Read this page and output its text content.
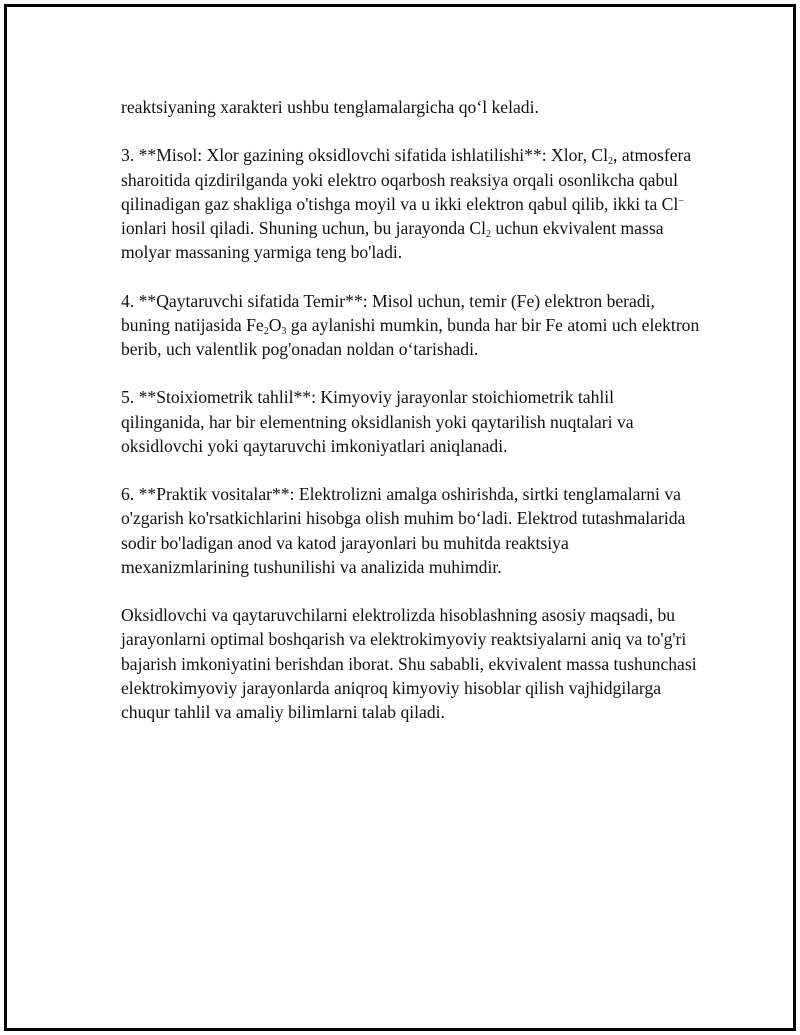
reaktsiyaning xarakteri ushbu tenglamalargicha qo‘l keladi.

3. **Misol: Xlor gazining oksidlovchi sifatida ishlatilishi**: Xlor, $Cl_2$, atmosfera sharoitida qizdirilganda yoki elektro oqarbosh reaksiya orqali osonlikcha qabul qilinadigan gaz shakliga o'tishga moyil va u ikki elektron qabul qilib, ikki ta Cl− ionlari hosil qiladi. Shuning uchun, bu jarayonda $Cl_2$ uchun ekvivalent massa molyar massaning yarmiga teng bo'ladi.

4. **Qaytaruvchi sifatida Temir**: Misol uchun, temir (Fe) elektron beradi, buning natijasida $Fe_2O_3$ ga aylanishi mumkin, bunda har bir Fe atomi uch elektron berib, uch valentlik pog'onadan noldan o‘tarishadi.

5. **Stoixiometrik tahlil**: Kimyoviy jarayonlar stoichiometrik tahlil qilinganida, har bir elementning oksidlanish yoki qaytarilish nuqtalari va oksidlovchi yoki qaytaruvchi imkoniyatlari aniqlanadi.

6. **Praktik vositalar**: Elektrolizni amalga oshirishda, sirtki tenglamalarni va o'zgarish ko'rsatkichlarini hisobga olish muhim bo‘ladi. Elektrod tutashmalarida sodir bo'ladigan anod va katod jarayonlari bu muhitda reaktsiya mexanizmlarining tushunilishi va analizida muhimdir.

Oksidlovchi va qaytaruvchilarni elektrolizda hisoblashning asosiy maqsadi, bu jarayonlarni optimal boshqarish va elektrokimyoviy reaktsiyalarni aniq va to'g'ri bajarish imkoniyatini berishdan iborat. Shu sababli, ekvivalent massa tushunchasi elektrokimyoviy jarayonlarda aniqroq kimyoviy hisoblar qilish vajhidgilarga chuqur tahlil va amaliy bilimlarni talab qiladi.
